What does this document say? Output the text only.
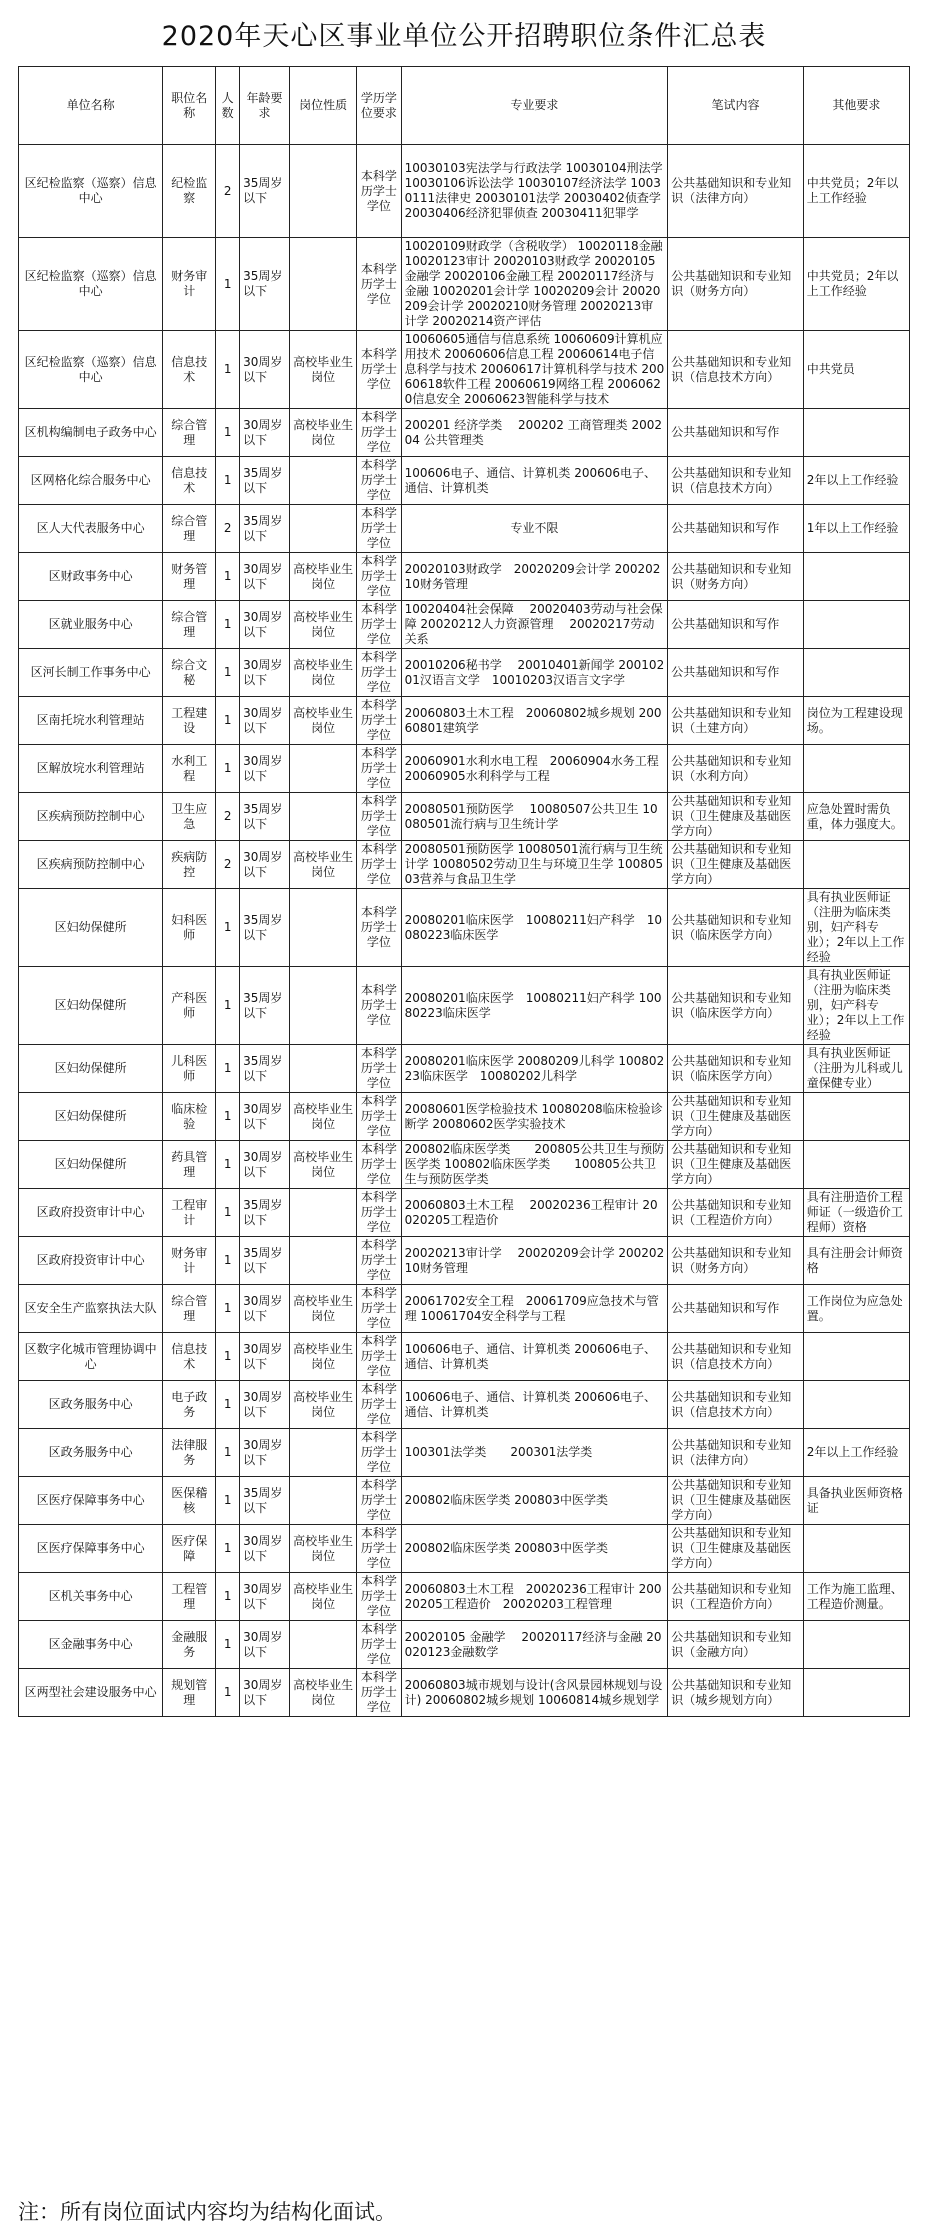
2020年天心区事业单位公开招聘职位条件汇总表
单位名称	职位名称	人数	年龄要求	岗位性质	学历学位要求	专业要求	笔试内容	其他要求
区纪检监察（巡察）信息中心	纪检监察	2	35周岁以下		本科学历学士学位	10030103宪法学与行政法学 10030104刑法学 10030106诉讼法学 10030107经济法学 10030111法律史 20030101法学 20030402侦查学20030406经济犯罪侦查 20030411犯罪学	公共基础知识和专业知识（法律方向）	中共党员；2年以上工作经验
区纪检监察（巡察）信息中心	财务审计	1	35周岁以下		本科学历学士学位	10020109财政学（含税收学） 10020118金融 10020123审计 20020103财政学 20020105金融学 20020106金融工程 20020117经济与金融 10020201会计学 10020209会计 20020209会计学 20020210财务管理 20020213审计学 20020214资产评估	公共基础知识和专业知识（财务方向）	中共党员；2年以上工作经验
区纪检监察（巡察）信息中心	信息技术	1	30周岁以下	高校毕业生岗位	本科学历学士学位	10060605通信与信息系统 10060609计算机应用技术 20060606信息工程 20060614电子信息科学与技术 20060617计算机科学与技术 20060618软件工程 20060619网络工程 20060620信息安全 20060623智能科学与技术	公共基础知识和专业知识（信息技术方向）	中共党员
区机构编制电子政务中心	综合管理	1	30周岁以下	高校毕业生岗位	本科学历学士学位	200201 经济学类　 200202 工商管理类 200204 公共管理类	公共基础知识和写作	
区网格化综合服务中心	信息技术	1	35周岁以下		本科学历学士学位	100606电子、通信、计算机类 200606电子、通信、计算机类	公共基础知识和专业知识（信息技术方向）	2年以上工作经验
区人大代表服务中心	综合管理	2	35周岁以下		本科学历学士学位	专业不限	公共基础知识和写作	1年以上工作经验
区财政事务中心	财务管理	1	30周岁以下	高校毕业生岗位	本科学历学士学位	20020103财政学　20020209会计学 20020210财务管理	公共基础知识和专业知识（财务方向）	
区就业服务中心	综合管理	1	30周岁以下	高校毕业生岗位	本科学历学士学位	10020404社会保障　 20020403劳动与社会保障 20020212人力资源管理　 20020217劳动关系	公共基础知识和写作	
区河长制工作事务中心	综合文秘	1	30周岁以下	高校毕业生岗位	本科学历学士学位	20010206秘书学　 20010401新闻学 20010201汉语言文学　10010203汉语言文字学	公共基础知识和写作	
区南托垸水利管理站	工程建设	1	30周岁以下	高校毕业生岗位	本科学历学士学位	20060803土木工程　20060802城乡规划 20060801建筑学	公共基础知识和专业知识（土建方向）	岗位为工程建设现场。
区解放垸水利管理站	水利工程	1	30周岁以下		本科学历学士学位	20060901水利水电工程　20060904水务工程 20060905水利科学与工程	公共基础知识和专业知识（水利方向）	
区疾病预防控制中心	卫生应急	2	35周岁以下		本科学历学士学位	20080501预防医学　 10080507公共卫生 10080501流行病与卫生统计学	公共基础知识和专业知识（卫生健康及基础医学方向）	应急处置时需负重，体力强度大。
区疾病预防控制中心	疾病防控	2	30周岁以下	高校毕业生岗位	本科学历学士学位	20080501预防医学 10080501流行病与卫生统计学 10080502劳动卫生与环境卫生学 10080503营养与食品卫生学	公共基础知识和专业知识（卫生健康及基础医学方向）	
区妇幼保健所	妇科医师	1	35周岁以下		本科学历学士学位	20080201临床医学　10080211妇产科学　10080223临床医学	公共基础知识和专业知识（临床医学方向）	具有执业医师证（注册为临床类别，妇产科专业）；2年以上工作经验
区妇幼保健所	产科医师	1	35周岁以下		本科学历学士学位	20080201临床医学　10080211妇产科学 10080223临床医学	公共基础知识和专业知识（临床医学方向）	具有执业医师证（注册为临床类别，妇产科专业）；2年以上工作经验
区妇幼保健所	儿科医师	1	35周岁以下		本科学历学士学位	20080201临床医学 20080209儿科学 10080223临床医学　10080202儿科学	公共基础知识和专业知识（临床医学方向）	具有执业医师证（注册为儿科或儿童保健专业）
区妇幼保健所	临床检验	1	30周岁以下	高校毕业生岗位	本科学历学士学位	20080601医学检验技术 10080208临床检验诊断学 20080602医学实验技术	公共基础知识和专业知识（卫生健康及基础医学方向）	
区妇幼保健所	药具管理	1	30周岁以下	高校毕业生岗位	本科学历学士学位	200802临床医学类　　200805公共卫生与预防医学类 100802临床医学类　　100805公共卫生与预防医学类	公共基础知识和专业知识（卫生健康及基础医学方向）	
区政府投资审计中心	工程审计	1	35周岁以下		本科学历学士学位	20060803土木工程　 20020236工程审计 20020205工程造价	公共基础知识和专业知识（工程造价方向）	具有注册造价工程师证（一级造价工程师）资格
区政府投资审计中心	财务审计	1	35周岁以下		本科学历学士学位	20020213审计学　 20020209会计学 20020210财务管理	公共基础知识和专业知识（财务方向）	具有注册会计师资格
区安全生产监察执法大队	综合管理	1	30周岁以下	高校毕业生岗位	本科学历学士学位	20061702安全工程　20061709应急技术与管理 10061704安全科学与工程	公共基础知识和写作	工作岗位为应急处置。
区数字化城市管理协调中心	信息技术	1	30周岁以下	高校毕业生岗位	本科学历学士学位	100606电子、通信、计算机类 200606电子、通信、计算机类	公共基础知识和专业知识（信息技术方向）	
区政务服务中心	电子政务	1	30周岁以下	高校毕业生岗位	本科学历学士学位	100606电子、通信、计算机类 200606电子、通信、计算机类	公共基础知识和专业知识（信息技术方向）	
区政务服务中心	法律服务	1	30周岁以下		本科学历学士学位	100301法学类　　200301法学类	公共基础知识和专业知识（法律方向）	2年以上工作经验
区医疗保障事务中心	医保稽核	1	35周岁以下		本科学历学士学位	200802临床医学类 200803中医学类	公共基础知识和专业知识（卫生健康及基础医学方向）	具备执业医师资格证
区医疗保障事务中心	医疗保障	1	30周岁以下	高校毕业生岗位	本科学历学士学位	200802临床医学类 200803中医学类	公共基础知识和专业知识（卫生健康及基础医学方向）	
区机关事务中心	工程管理	1	30周岁以下	高校毕业生岗位	本科学历学士学位	20060803土木工程　20020236工程审计 20020205工程造价　20020203工程管理	公共基础知识和专业知识（工程造价方向）	工作为施工监理、工程造价测量。
区金融事务中心	金融服务	1	30周岁以下		本科学历学士学位	20020105 金融学　 20020117经济与金融 20020123金融数学	公共基础知识和专业知识（金融方向）	
区两型社会建设服务中心	规划管理	1	30周岁以下	高校毕业生岗位	本科学历学士学位	20060803城市规划与设计(含风景园林规划与设计) 20060802城乡规划 10060814城乡规划学	公共基础知识和专业知识（城乡规划方向）	
注：所有岗位面试内容均为结构化面试。
